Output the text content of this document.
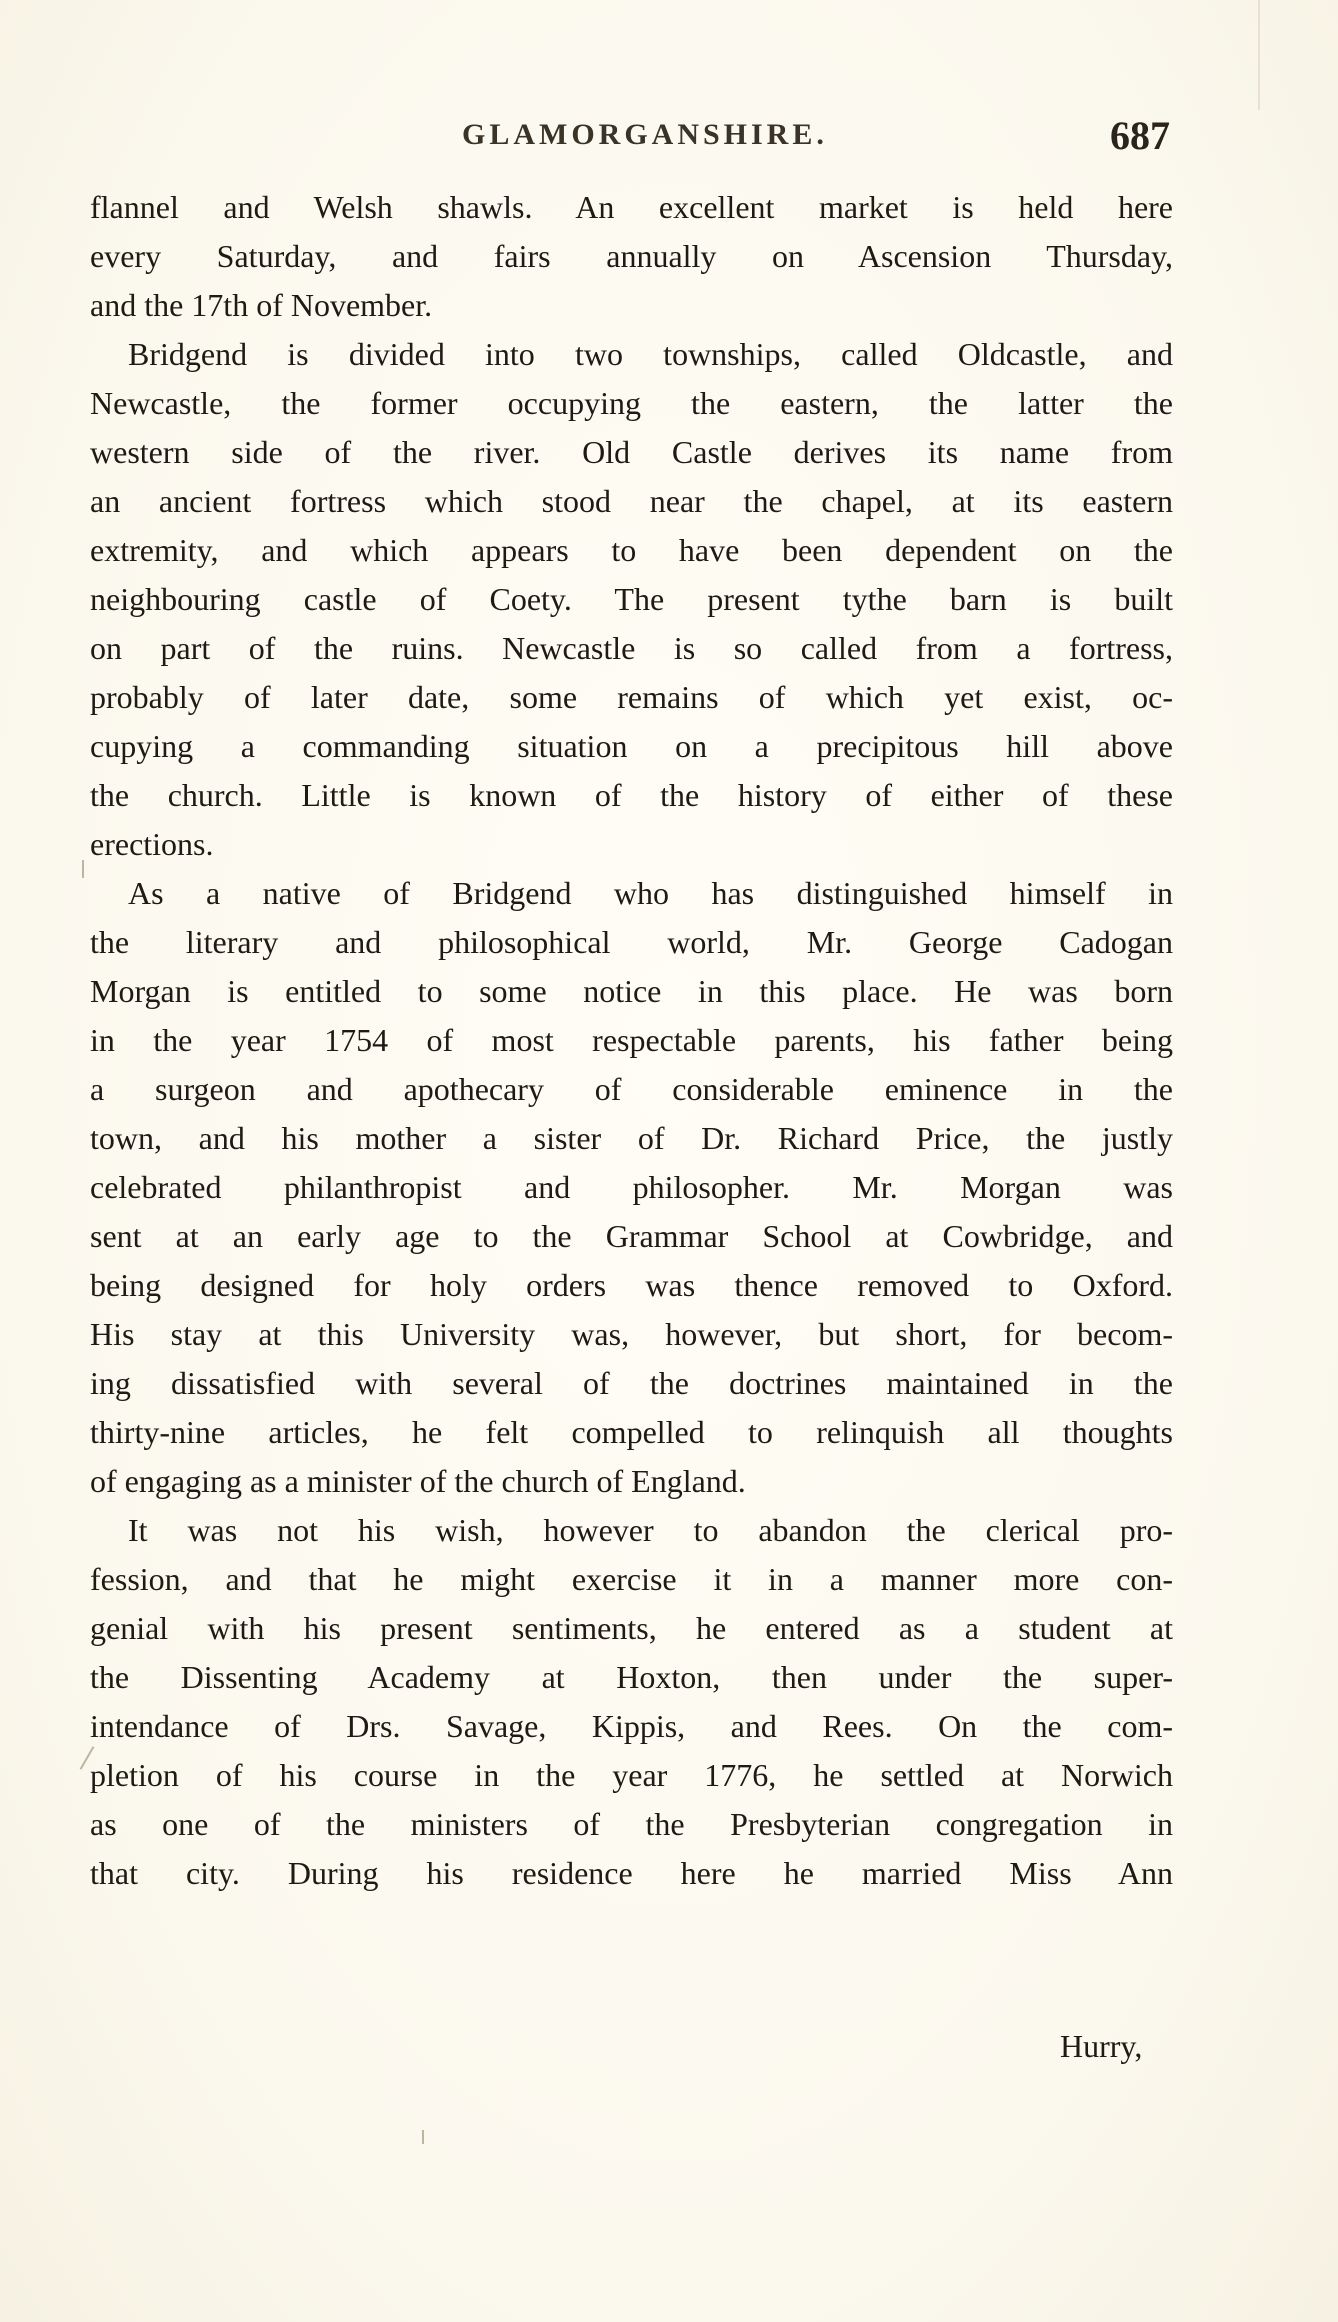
GLAMORGANSHIRE.	687
flannel and Welsh shawls. An excellent market is held here
every Saturday, and fairs annually on Ascension Thursday,
and the 17th of November.
Bridgend is divided into two townships, called Oldcastle, and
Newcastle, the former occupying the eastern, the latter the
western side of the river. Old Castle derives its name from
an ancient fortress which stood near the chapel, at its eastern
extremity, and which appears to have been dependent on the
neighbouring castle of Coety. The present tythe barn is built
on part of the ruins. Newcastle is so called from a fortress,
probably of later date, some remains of which yet exist, oc-
cupying a commanding situation on a precipitous hill above
the church. Little is known of the history of either of these
erections.
As a native of Bridgend who has distinguished himself in
the literary and philosophical world, Mr. George Cadogan
Morgan is entitled to some notice in this place. He was born
in the year 1754 of most respectable parents, his father being
a surgeon and apothecary of considerable eminence in the
town, and his mother a sister of Dr. Richard Price, the justly
celebrated philanthropist and philosopher. Mr. Morgan was
sent at an early age to the Grammar School at Cowbridge, and
being designed for holy orders was thence removed to Oxford.
His stay at this University was, however, but short, for becom-
ing dissatisfied with several of the doctrines maintained in the
thirty-nine articles, he felt compelled to relinquish all thoughts
of engaging as a minister of the church of England.
It was not his wish, however to abandon the clerical pro-
fession, and that he might exercise it in a manner more con-
genial with his present sentiments, he entered as a student at
the Dissenting Academy at Hoxton, then under the super-
intendance of Drs. Savage, Kippis, and Rees. On the com-
pletion of his course in the year 1776, he settled at Norwich
as one of the ministers of the Presbyterian congregation in
that city. During his residence here he married Miss Ann
Hurry,
